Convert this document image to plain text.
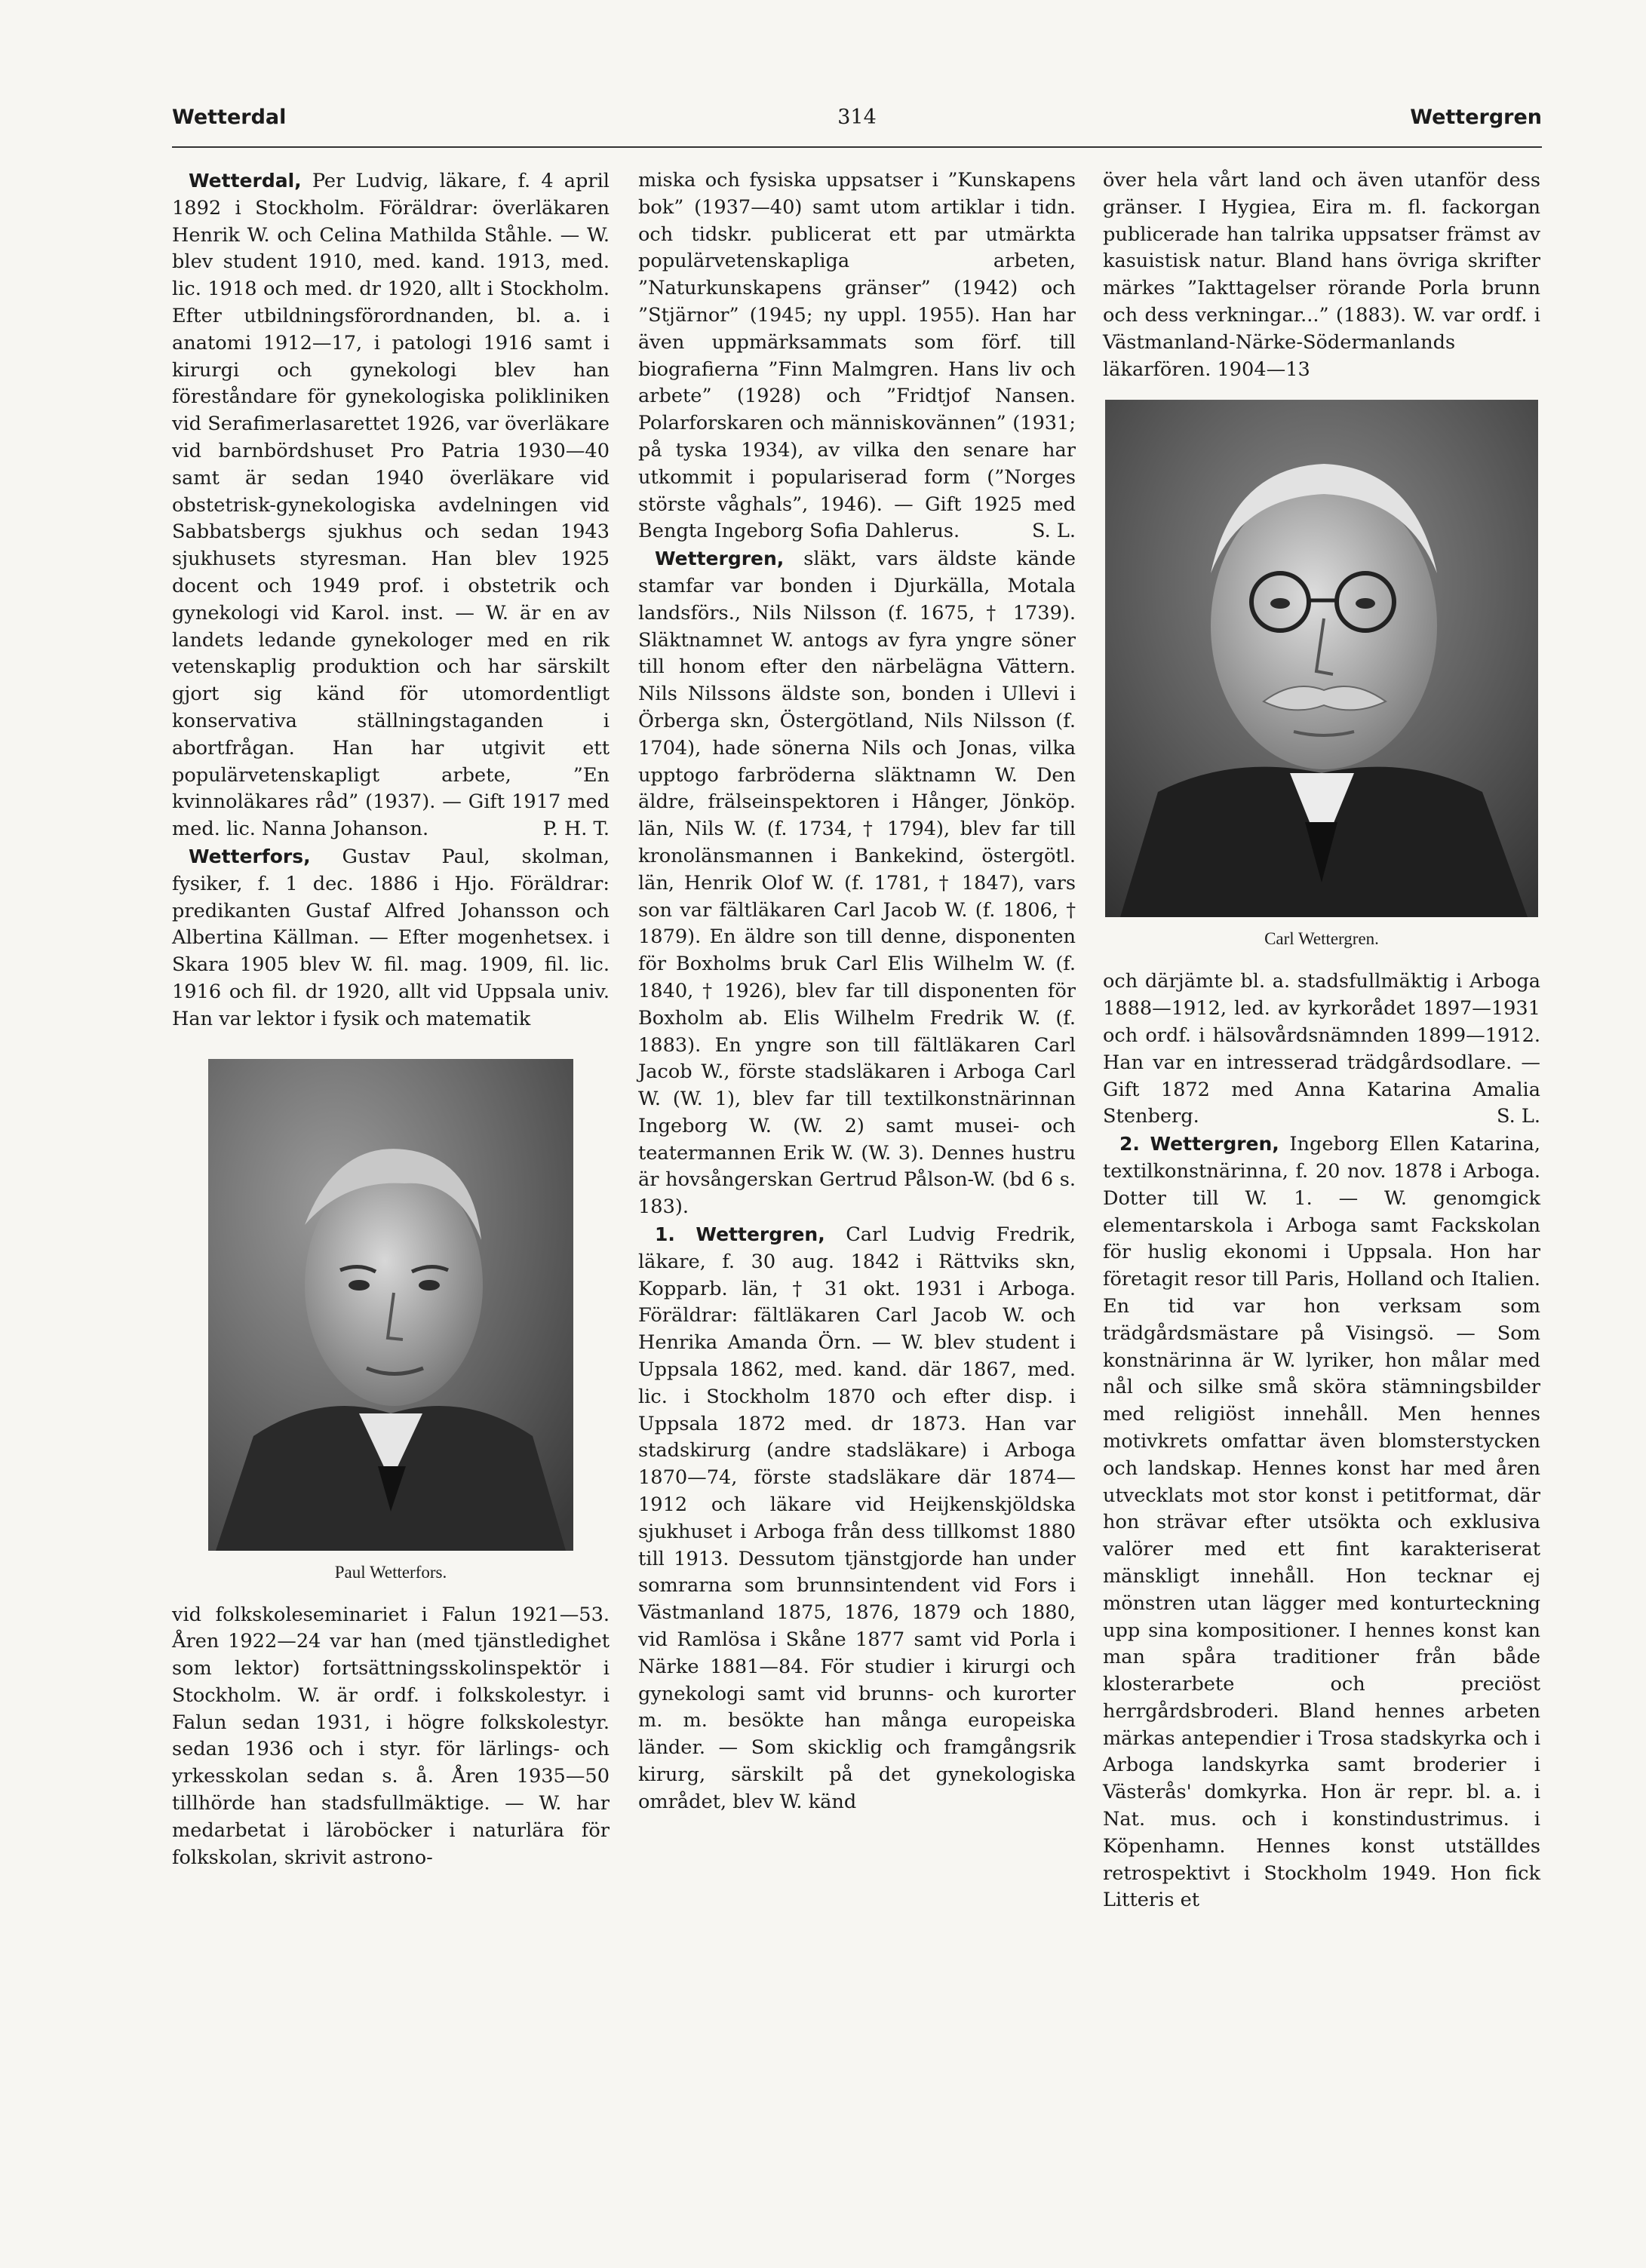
Wetterdal	314	Wettergren

Wetterdal, Per Ludvig, läkare, f. 4 april 1892 i Stockholm. Föräldrar: överläkaren Henrik W. och Celina Mathilda Ståhle. — W. blev student 1910, med. kand. 1913, med. lic. 1918 och med. dr 1920, allt i Stockholm. Efter utbildningsförordnanden, bl. a. i anatomi 1912—17, i patologi 1916 samt i kirurgi och gynekologi blev han föreståndare för gynekologiska polikliniken vid Serafimerlasarettet 1926, var överläkare vid barnbördshuset Pro Patria 1930—40 samt är sedan 1940 överläkare vid obstetrisk-gynekologiska avdelningen vid Sabbatsbergs sjukhus och sedan 1943 sjukhusets styresman. Han blev 1925 docent och 1949 prof. i obstetrik och gynekologi vid Karol. inst. — W. är en av landets ledande gynekologer med en rik vetenskaplig produktion och har särskilt gjort sig känd för utomordentligt konservativa ställningstaganden i abortfrågan. Han har utgivit ett populärvetenskapligt arbete, ”En kvinnoläkares råd” (1937). — Gift 1917 med med. lic. Nanna Johanson.	P. H. T.

Wetterfors, Gustav Paul, skolman, fysiker, f. 1 dec. 1886 i Hjo. Föräldrar: predikanten Gustaf Alfred Johansson och Albertina Källman. — Efter mogenhetsex. i Skara 1905 blev W. fil. mag. 1909, fil. lic. 1916 och fil. dr 1920, allt vid Uppsala univ. Han var lektor i fysik och matematik

Paul Wetterfors.

vid folkskoleseminariet i Falun 1921—53. Åren 1922—24 var han (med tjänstledighet som lektor) fortsättningsskolinspektör i Stockholm. W. är ordf. i folkskolestyr. i Falun sedan 1931, i högre folkskolestyr. sedan 1936 och i styr. för lärlings- och yrkesskolan sedan s. å. Åren 1935—50 tillhörde han stadsfullmäktige. — W. har medarbetat i läroböcker i naturlära för folkskolan, skrivit astrono-

miska och fysiska uppsatser i ”Kunskapens bok” (1937—40) samt utom artiklar i tidn. och tidskr. publicerat ett par utmärkta populärvetenskapliga arbeten, ”Naturkunskapens gränser” (1942) och ”Stjärnor” (1945; ny uppl. 1955). Han har även uppmärksammats som förf. till biografierna ”Finn Malmgren. Hans liv och arbete” (1928) och ”Fridtjof Nansen. Polarforskaren och människovännen” (1931; på tyska 1934), av vilka den senare har utkommit i populariserad form (”Norges störste våghals”, 1946). — Gift 1925 med Bengta Ingeborg Sofia Dahlerus.	S. L.

Wettergren, släkt, vars äldste kände stamfar var bonden i Djurkälla, Motala landsförs., Nils Nilsson (f. 1675, † 1739). Släktnamnet W. antogs av fyra yngre söner till honom efter den närbelägna Vättern. Nils Nilssons äldste son, bonden i Ullevi i Örberga skn, Östergötland, Nils Nilsson (f. 1704), hade sönerna Nils och Jonas, vilka upptogo farbröderna släktnamn W. Den äldre, frälseinspektoren i Hånger, Jönköp. län, Nils W. (f. 1734, † 1794), blev far till kronolänsmannen i Bankekind, östergötl. län, Henrik Olof W. (f. 1781, † 1847), vars son var fältläkaren Carl Jacob W. (f. 1806, † 1879). En äldre son till denne, disponenten för Boxholms bruk Carl Elis Wilhelm W. (f. 1840, † 1926), blev far till disponenten för Boxholm ab. Elis Wilhelm Fredrik W. (f. 1883). En yngre son till fältläkaren Carl Jacob W., förste stadsläkaren i Arboga Carl W. (W. 1), blev far till textilkonstnärinnan Ingeborg W. (W. 2) samt musei- och teatermannen Erik W. (W. 3). Dennes hustru är hovsångerskan Gertrud Pålson-W. (bd 6 s. 183).

1. Wettergren, Carl Ludvig Fredrik, läkare, f. 30 aug. 1842 i Rättviks skn, Kopparb. län, † 31 okt. 1931 i Arboga. Föräldrar: fältläkaren Carl Jacob W. och Henrika Amanda Örn. — W. blev student i Uppsala 1862, med. kand. där 1867, med. lic. i Stockholm 1870 och efter disp. i Uppsala 1872 med. dr 1873. Han var stadskirurg (andre stadsläkare) i Arboga 1870—74, förste stadsläkare där 1874—1912 och läkare vid Heijkenskjöldska sjukhuset i Arboga från dess tillkomst 1880 till 1913. Dessutom tjänstgjorde han under somrarna som brunnsintendent vid Fors i Västmanland 1875, 1876, 1879 och 1880, vid Ramlösa i Skåne 1877 samt vid Porla i Närke 1881—84. För studier i kirurgi och gynekologi samt vid brunns- och kurorter m. m. besökte han många europeiska länder. — Som skicklig och framgångsrik kirurg, särskilt på det gynekologiska området, blev W. känd

över hela vårt land och även utanför dess gränser. I Hygiea, Eira m. fl. fackorgan publicerade han talrika uppsatser främst av kasuistisk natur. Bland hans övriga skrifter märkes ”Iakttagelser rörande Porla brunn och dess verkningar...” (1883). W. var ordf. i Västmanland-Närke-Södermanlands läkarfören. 1904—13

Carl Wettergren.

och därjämte bl. a. stadsfullmäktig i Arboga 1888—1912, led. av kyrkorådet 1897—1931 och ordf. i hälsovårdsnämnden 1899—1912. Han var en intresserad trädgårdsodlare. — Gift 1872 med Anna Katarina Amalia Stenberg.	S. L.

2. Wettergren, Ingeborg Ellen Katarina, textilkonstnärinna, f. 20 nov. 1878 i Arboga. Dotter till W. 1. — W. genomgick elementarskola i Arboga samt Fackskolan för huslig ekonomi i Uppsala. Hon har företagit resor till Paris, Holland och Italien. En tid var hon verksam som trädgårdsmästare på Visingsö. — Som konstnärinna är W. lyriker, hon målar med nål och silke små sköra stämningsbilder med religiöst innehåll. Men hennes motivkrets omfattar även blomsterstycken och landskap. Hennes konst har med åren utvecklats mot stor konst i petitformat, där hon strävar efter utsökta och exklusiva valörer med ett fint karakteriserat mänskligt innehåll. Hon tecknar ej mönstren utan lägger med konturteckning upp sina kompositioner. I hennes konst kan man spåra traditioner från både klosterarbete och preciöst herrgårdsbroderi. Bland hennes arbeten märkas antependier i Trosa stadskyrka och i Arboga landskyrka samt broderier i Västerås' domkyrka. Hon är repr. bl. a. i Nat. mus. och i konstindustrimus. i Köpenhamn. Hennes konst utställdes retrospektivt i Stockholm 1949. Hon fick Litteris et
